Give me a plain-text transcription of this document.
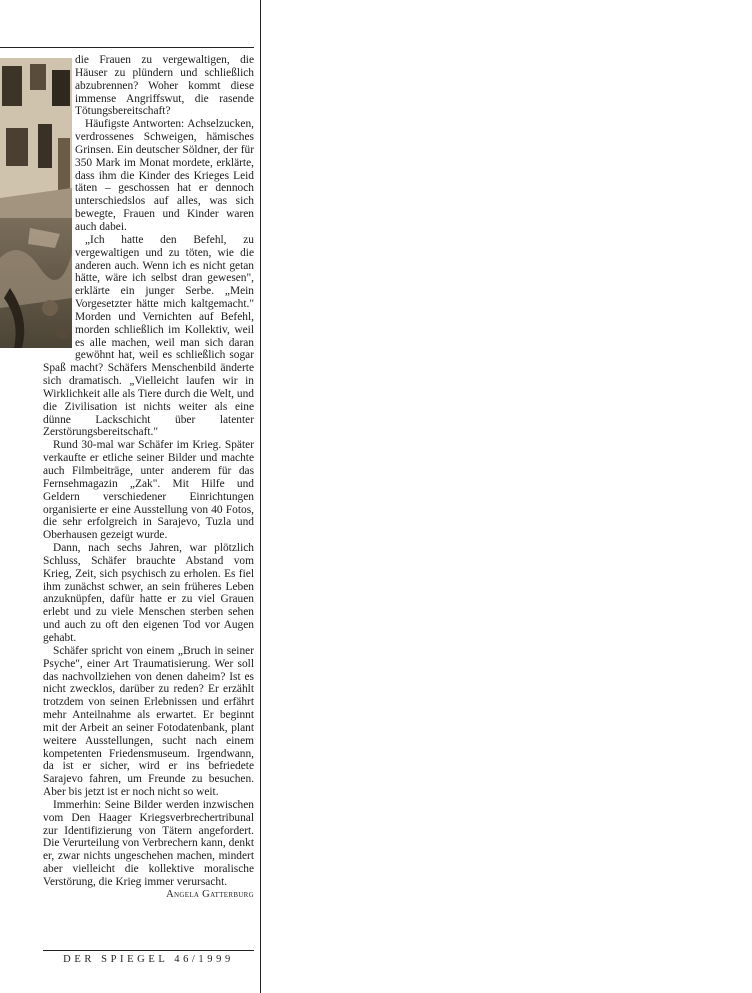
die Frauen zu vergewaltigen, die Häuser zu plündern und schließlich abzubrennen? Woher kommt diese immense Angriffswut, die rasende Tötungsbereitschaft?

Häufigste Antworten: Achselzucken, verdrossenes Schweigen, hämisches Grinsen. Ein deutscher Söldner, der für 350 Mark im Monat mordete, erklärte, dass ihm die Kinder des Krieges Leid täten – geschossen hat er dennoch unterschiedslos auf alles, was sich bewegte, Frauen und Kinder waren auch dabei.

„Ich hatte den Befehl, zu vergewaltigen und zu töten, wie die anderen auch. Wenn ich es nicht getan hätte, wäre ich selbst dran gewesen", erklärte ein junger Serbe. „Mein Vorgesetzter hätte mich kaltgemacht." Morden und Vernichten auf Befehl, morden schließlich im Kollektiv, weil es alle machen, weil man sich daran gewöhnt hat, weil es schließlich sogar Spaß macht? Schäfers Menschenbild änderte sich dramatisch. „Vielleicht laufen wir in Wirklichkeit alle als Tiere durch die Welt, und die Zivilisation ist nichts weiter als eine dünne Lackschicht über latenter Zerstörungsbereitschaft."

Rund 30-mal war Schäfer im Krieg. Später verkaufte er etliche seiner Bilder und machte auch Filmbeiträge, unter anderem für das Fernsehmagazin „Zak". Mit Hilfe und Geldern verschiedener Einrichtungen organisierte er eine Ausstellung von 40 Fotos, die sehr erfolgreich in Sarajevo, Tuzla und Oberhausen gezeigt wurde.

Dann, nach sechs Jahren, war plötzlich Schluss, Schäfer brauchte Abstand vom Krieg, Zeit, sich psychisch zu erholen. Es fiel ihm zunächst schwer, an sein früheres Leben anzuknüpfen, dafür hatte er zu viel Grauen erlebt und zu viele Menschen sterben sehen und auch zu oft den eigenen Tod vor Augen gehabt.

Schäfer spricht von einem „Bruch in seiner Psyche", einer Art Traumatisierung. Wer soll das nachvollziehen von denen daheim? Ist es nicht zwecklos, darüber zu reden? Er erzählt trotzdem von seinen Erlebnissen und erfährt mehr Anteilnahme als erwartet. Er beginnt mit der Arbeit an seiner Fotodatenbank, plant weitere Ausstellungen, sucht nach einem kompetenten Friedensmuseum. Irgendwann, da ist er sicher, wird er ins befriedete Sarajevo fahren, um Freunde zu besuchen. Aber bis jetzt ist er noch nicht so weit.

Immerhin: Seine Bilder werden inzwischen vom Den Haager Kriegsverbrechertribunal zur Identifizierung von Tätern angefordert. Die Verurteilung von Verbrechern kann, denkt er, zwar nichts ungeschehen machen, mindert aber vielleicht die kollektive moralische Verstörung, die Krieg immer verursacht.
Angela Gatterburg

DER SPIEGEL 46/1999
